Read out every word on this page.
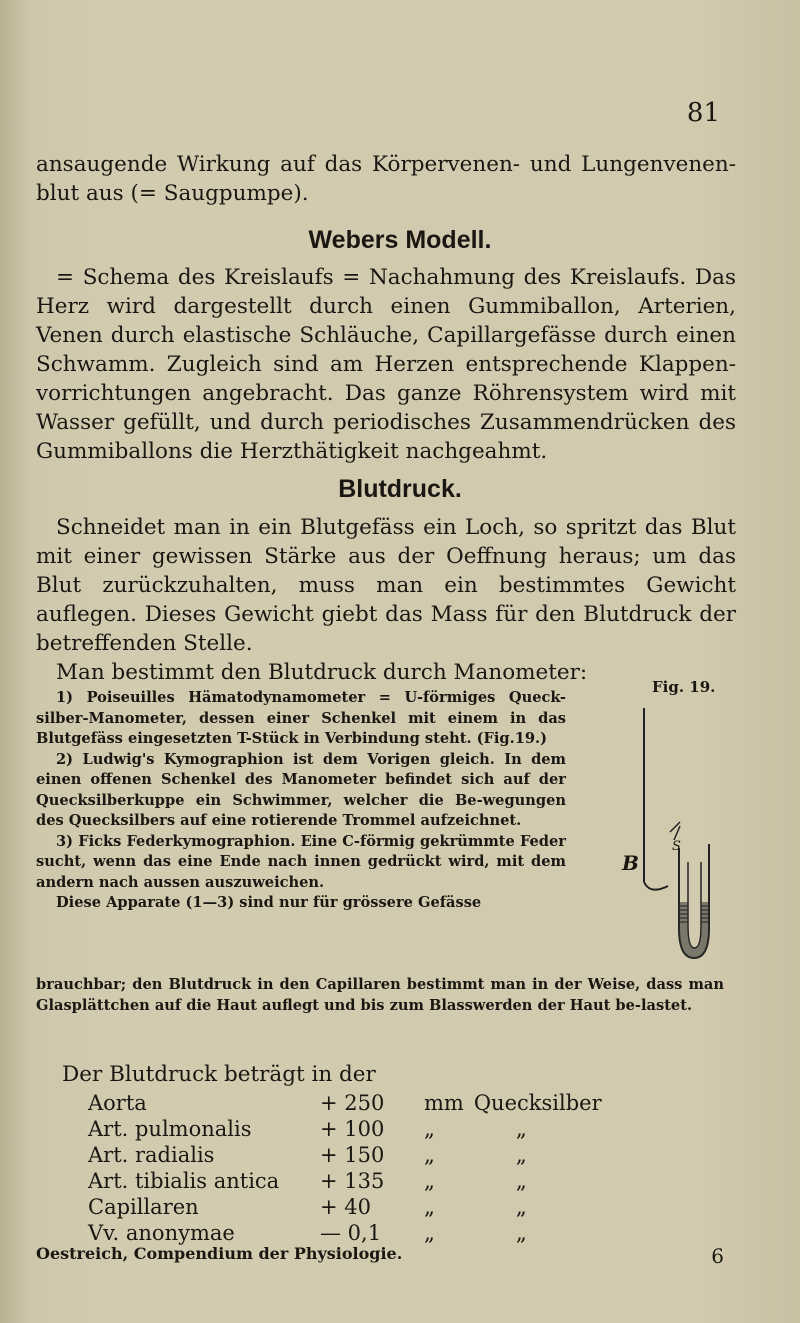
81
ansaugende Wirkung auf das Körpervenen- und Lungenvenen-blut aus (= Saugpumpe).
Webers Modell.
= Schema des Kreislaufs = Nachahmung des Kreislaufs. Das Herz wird dargestellt durch einen Gummiballon, Arterien, Venen durch elastische Schläuche, Capillargefässe durch einen Schwamm. Zugleich sind am Herzen entsprechende Klappen-vorrichtungen angebracht. Das ganze Röhrensystem wird mit Wasser gefüllt, und durch periodisches Zusammendrücken des Gummiballons die Herzthätigkeit nachgeahmt.
Blutdruck.
Schneidet man in ein Blutgefäss ein Loch, so spritzt das Blut mit einer gewissen Stärke aus der Oeffnung heraus; um das Blut zurückzuhalten, muss man ein bestimmtes Gewicht auflegen. Dieses Gewicht giebt das Mass für den Blutdruck der betreffenden Stelle.
Man bestimmt den Blutdruck durch Manometer:
1) Poiseuilles Hämatodynamometer = U-förmiges Queck-silber-Manometer, dessen einer Schenkel mit einem in das Blutgefäss eingesetzten T-Stück in Verbindung steht. (Fig.19.)
2) Ludwig's Kymographion ist dem Vorigen gleich. In dem einen offenen Schenkel des Manometer befindet sich auf der Quecksilberkuppe ein Schwimmer, welcher die Be-wegungen des Quecksilbers auf eine rotierende Trommel aufzeichnet.
3) Ficks Federkymographion. Eine C-förmig gekrümmte Feder sucht, wenn das eine Ende nach innen gedrückt wird, mit dem andern nach aussen auszuweichen.
Diese Apparate (1—3) sind nur für grössere Gefässe
brauchbar; den Blutdruck in den Capillaren bestimmt man in der Weise, dass man Glasplättchen auf die Haut auflegt und bis zum Blasswerden der Haut be-lastet.
Fig. 19.
B
S
Der Blutdruck beträgt in der
Aorta	+ 250	mm	Quecksilber
Art. pulmonalis	+ 100	„	„
Art. radialis	+ 150	„	„
Art. tibialis antica	+ 135	„	„
Capillaren	+ 40	„	„
Vv. anonymae	— 0,1	„	„
Oestreich, Compendium der Physiologie.	6
